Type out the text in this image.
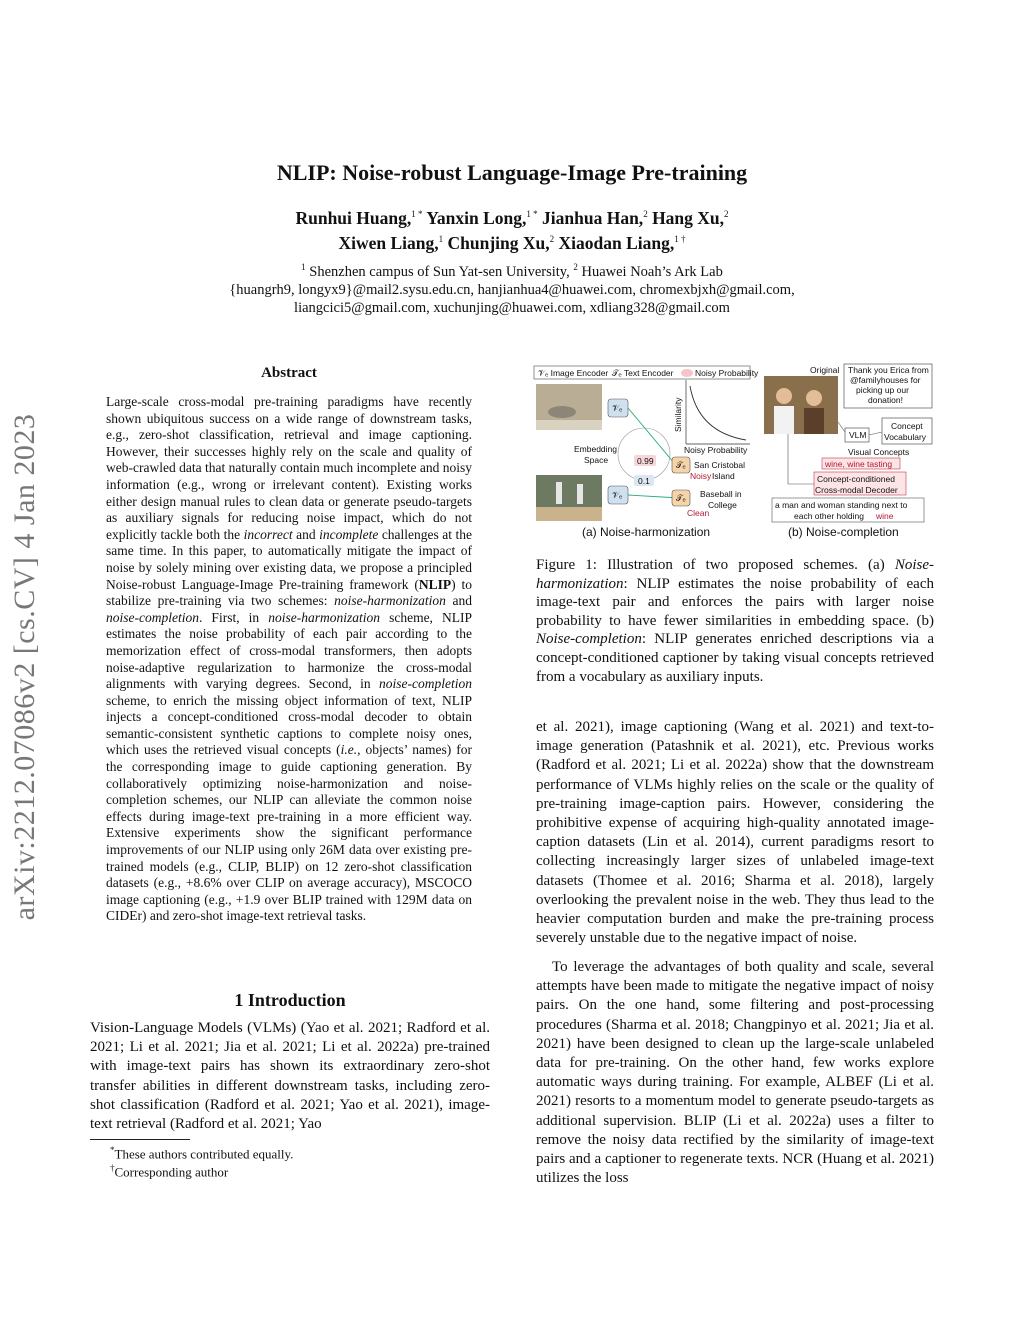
arXiv:2212.07086v2 [cs.CV] 4 Jan 2023
NLIP: Noise-robust Language-Image Pre-training
Runhui Huang,$^{1 *}$ Yanxin Long,$^{1 *}$ Jianhua Han,$^2$ Hang Xu,$^2$
Xiwen Liang,$^1$ Chunjing Xu,$^2$ Xiaodan Liang,$^{1 \dagger}$
$^1$ Shenzhen campus of Sun Yat-sen University, $^2$ Huawei Noah’s Ark Lab
{huangrh9, longyx9}@mail2.sysu.edu.cn, hanjianhua4@huawei.com, chromexbjxh@gmail.com,
liangcici5@gmail.com, xuchunjing@huawei.com, xdliang328@gmail.com
Abstract
Large-scale cross-modal pre-training paradigms have recently shown ubiquitous success on a wide range of downstream tasks, e.g., zero-shot classification, retrieval and image captioning. However, their successes highly rely on the scale and quality of web-crawled data that naturally contain much incomplete and noisy information (e.g., wrong or irrelevant content). Existing works either design manual rules to clean data or generate pseudo-targets as auxiliary signals for reducing noise impact, which do not explicitly tackle both the incorrect and incomplete challenges at the same time. In this paper, to automatically mitigate the impact of noise by solely mining over existing data, we propose a principled Noise-robust Language-Image Pre-training framework (NLIP) to stabilize pre-training via two schemes: noise-harmonization and noise-completion. First, in noise-harmonization scheme, NLIP estimates the noise probability of each pair according to the memorization effect of cross-modal transformers, then adopts noise-adaptive regularization to harmonize the cross-modal alignments with varying degrees. Second, in noise-completion scheme, to enrich the missing object information of text, NLIP injects a concept-conditioned cross-modal decoder to obtain semantic-consistent synthetic captions to complete noisy ones, which uses the retrieved visual concepts (i.e., objects’ names) for the corresponding image to guide captioning generation. By collaboratively optimizing noise-harmonization and noise-completion schemes, our NLIP can alleviate the common noise effects during image-text pre-training in a more efficient way. Extensive experiments show the significant performance improvements of our NLIP using only 26M data over existing pre-trained models (e.g., CLIP, BLIP) on 12 zero-shot classification datasets (e.g., +8.6% over CLIP on average accuracy), MSCOCO image captioning (e.g., +1.9 over BLIP trained with 129M data on CIDEr) and zero-shot image-text retrieval tasks.
1 Introduction
Vision-Language Models (VLMs) (Yao et al. 2021; Radford et al. 2021; Li et al. 2021; Jia et al. 2021; Li et al. 2022a) pre-trained with image-text pairs has shown its extraordinary zero-shot transfer abilities in different downstream tasks, including zero-shot classification (Radford et al. 2021; Yao et al. 2021), image-text retrieval (Radford et al. 2021; Yao
*These authors contributed equally.
†Corresponding author
𝒱ₑ Image Encoder 𝒯ₑ Text Encoder	Noisy Probability
𝒱ₑ
𝒱ₑ
Embedding
Space	0.99
0.1
Similarity
Noisy Probability
𝒯ₑ San Cristobal
Noisy Island
𝒯ₑ Baseball in
College
Clean
(a) Noise-harmonization
Original Thank you Erica from
@familyhouses for
picking up our
donation!
VLM
Concept
Vocabulary
Visual Concepts
wine, wine tasting
Concept-conditioned
Cross-modal Decoder
a man and woman standing next to
each other holding wine
(b) Noise-completion
Figure 1: Illustration of two proposed schemes. (a) Noise-harmonization: NLIP estimates the noise probability of each image-text pair and enforces the pairs with larger noise probability to have fewer similarities in embedding space. (b) Noise-completion: NLIP generates enriched descriptions via a concept-conditioned captioner by taking visual concepts retrieved from a vocabulary as auxiliary inputs.
et al. 2021), image captioning (Wang et al. 2021) and text-to-image generation (Patashnik et al. 2021), etc. Previous works (Radford et al. 2021; Li et al. 2022a) show that the downstream performance of VLMs highly relies on the scale or the quality of pre-training image-caption pairs. However, considering the prohibitive expense of acquiring high-quality annotated image-caption datasets (Lin et al. 2014), current paradigms resort to collecting increasingly larger sizes of unlabeled image-text datasets (Thomee et al. 2016; Sharma et al. 2018), largely overlooking the prevalent noise in the web. They thus lead to the heavier computation burden and make the pre-training process severely unstable due to the negative impact of noise.
To leverage the advantages of both quality and scale, several attempts have been made to mitigate the negative impact of noisy pairs. On the one hand, some filtering and post-processing procedures (Sharma et al. 2018; Changpinyo et al. 2021; Jia et al. 2021) have been designed to clean up the large-scale unlabeled data for pre-training. On the other hand, few works explore automatic ways during training. For example, ALBEF (Li et al. 2021) resorts to a momentum model to generate pseudo-targets as additional supervision. BLIP (Li et al. 2022a) uses a filter to remove the noisy data rectified by the similarity of image-text pairs and a captioner to regenerate texts. NCR (Huang et al. 2021) utilizes the loss
